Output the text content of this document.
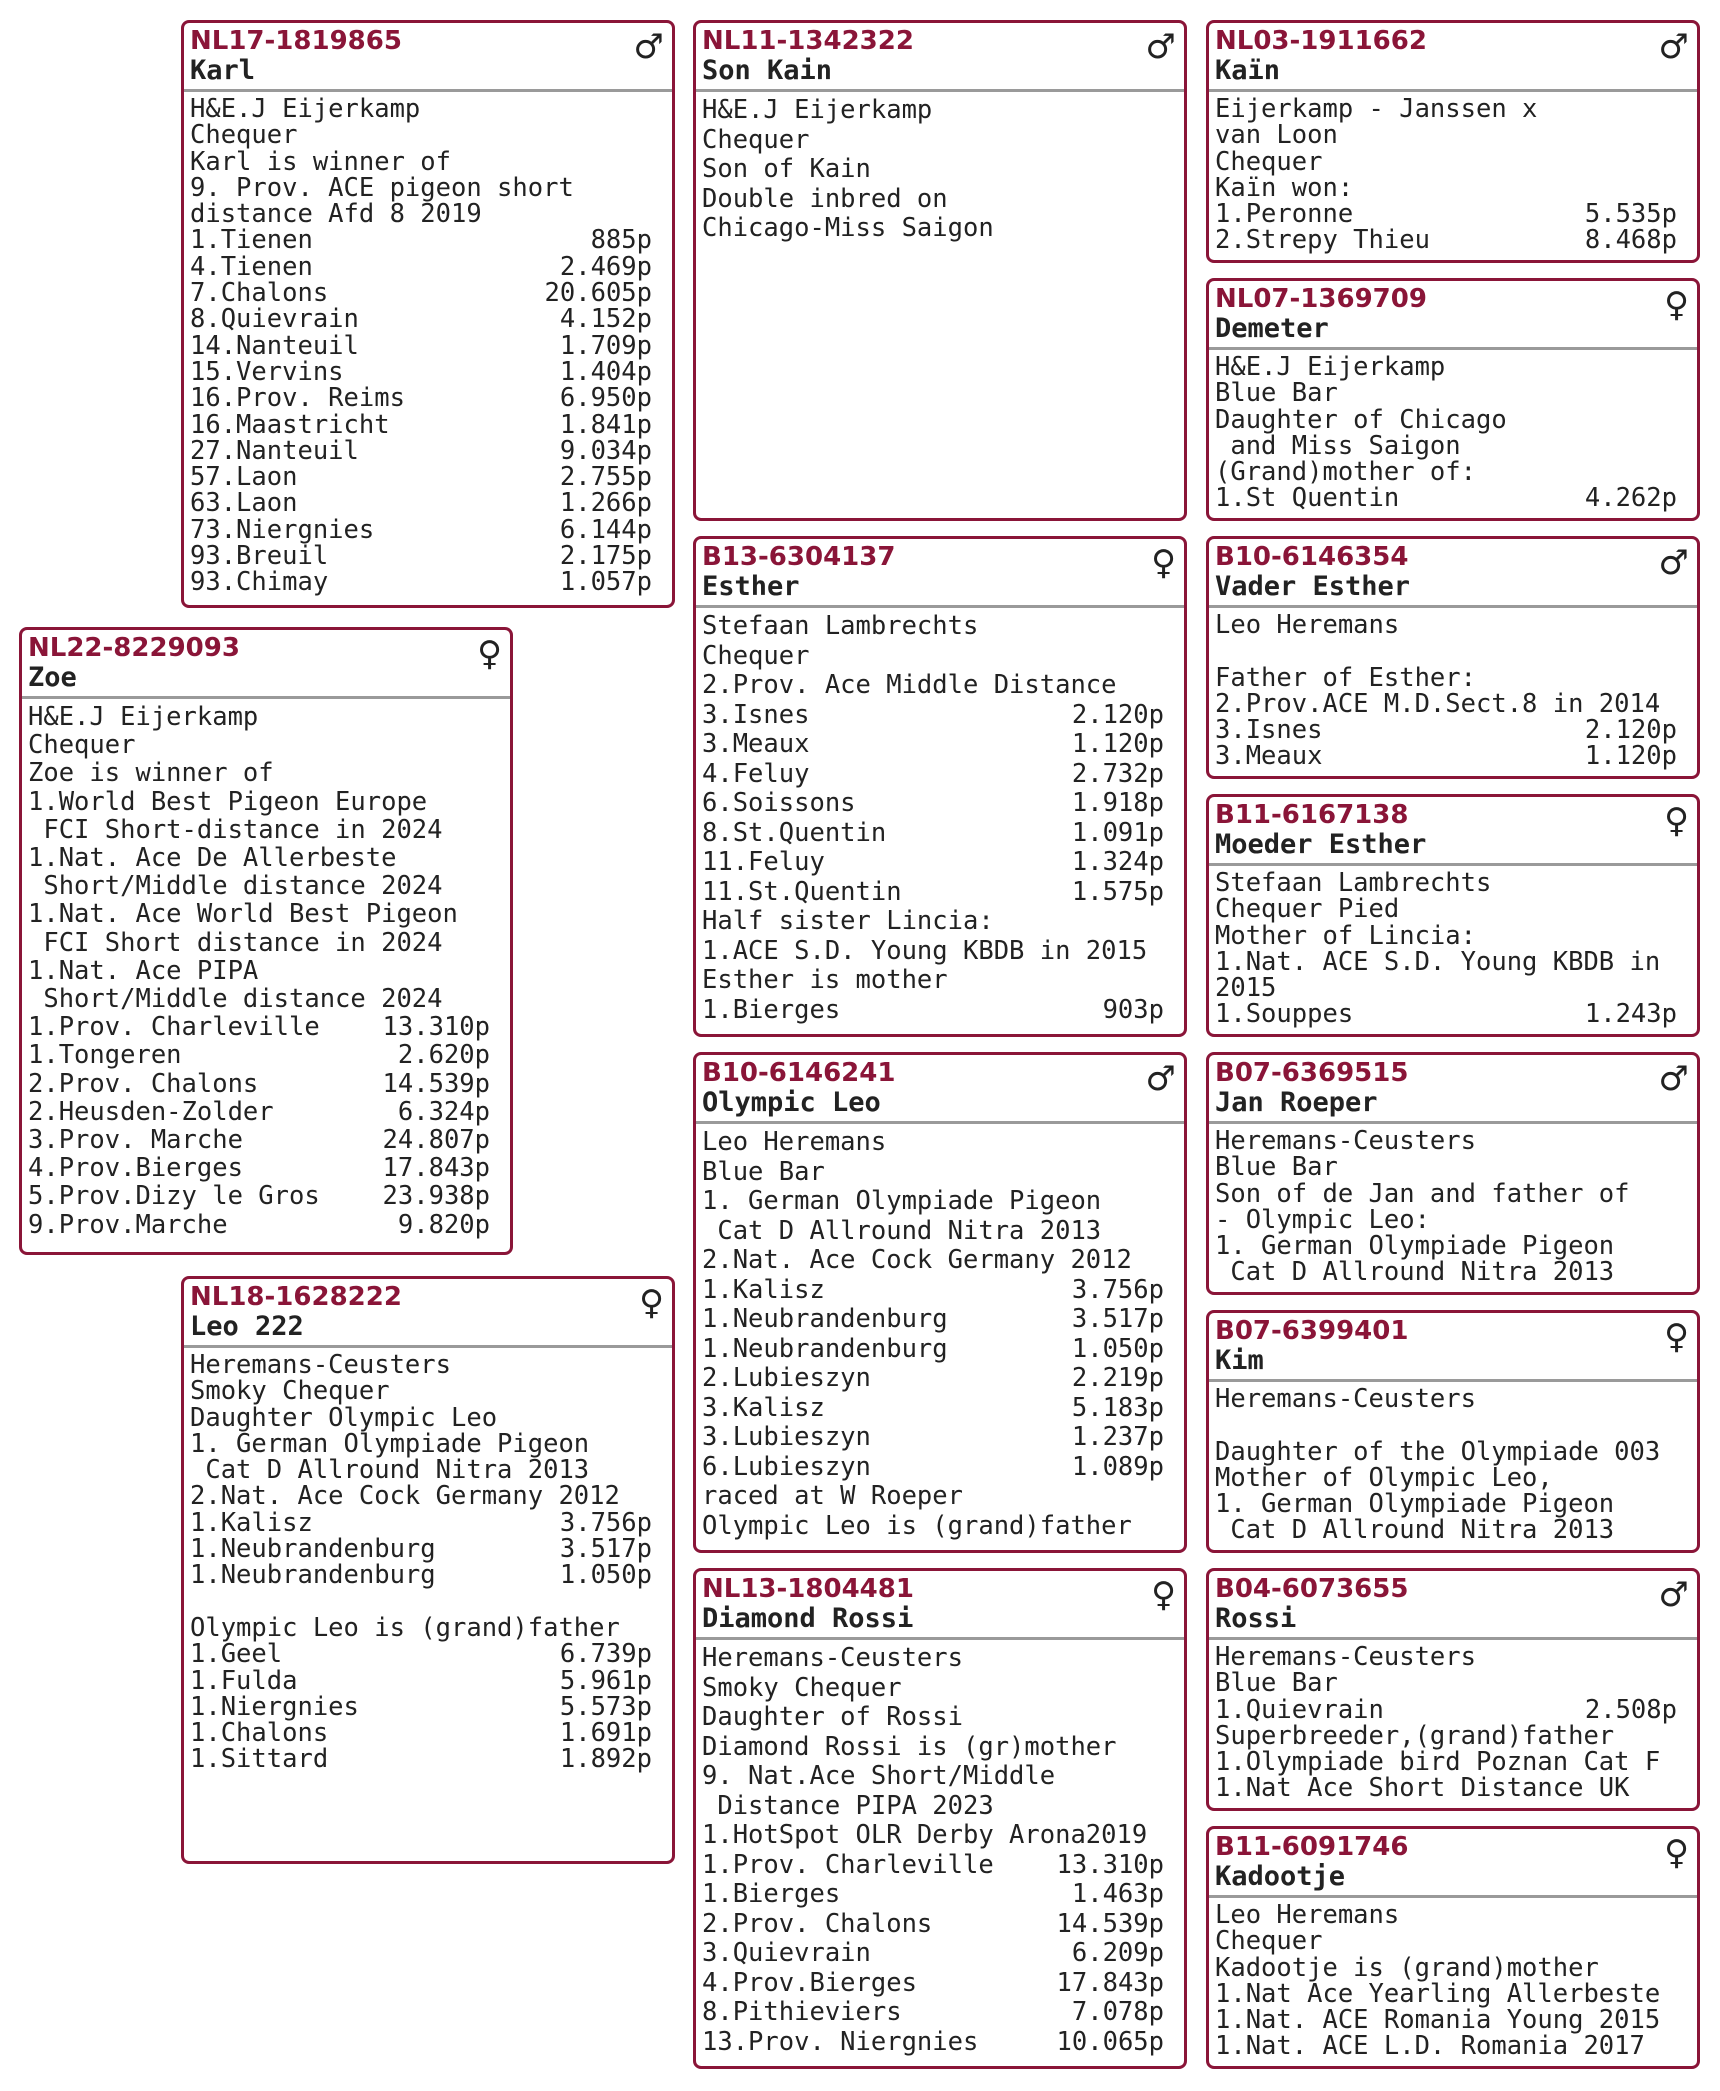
NL17-1819865
Karl
♂
H&E.J Eijerkamp
Chequer
Karl is winner of
9. Prov. ACE pigeon short
distance Afd 8 2019
1.Tienen	885p
4.Tienen	2.469p
7.Chalons	20.605p
8.Quievrain	4.152p
14.Nanteuil	1.709p
15.Vervins	1.404p
16.Prov. Reims	6.950p
16.Maastricht	1.841p
27.Nanteuil	9.034p
57.Laon	2.755p
63.Laon	1.266p
73.Niergnies	6.144p
93.Breuil	2.175p
93.Chimay	1.057p
NL22-8229093
Zoe
♀
H&E.J Eijerkamp
Chequer
Zoe is winner of
1.World Best Pigeon Europe
FCI Short-distance in 2024
1.Nat. Ace De Allerbeste
Short/Middle distance 2024
1.Nat. Ace World Best Pigeon
FCI Short distance in 2024
1.Nat. Ace PIPA
Short/Middle distance 2024
1.Prov. Charleville 13.310p
1.Tongeren	2.620p
2.Prov. Chalons	14.539p
2.Heusden-Zolder	6.324p
3.Prov. Marche	24.807p
4.Prov.Bierges	17.843p
5.Prov.Dizy le Gros 23.938p
9.Prov.Marche	9.820p
NL18-1628222
Leo 222
♀
Heremans-Ceusters
Smoky Chequer
Daughter Olympic Leo
1. German Olympiade Pigeon
Cat D Allround Nitra 2013
2.Nat. Ace Cock Germany 2012
1.Kalisz	3.756p
1.Neubrandenburg	3.517p
1.Neubrandenburg	1.050p

Olympic Leo is (grand)father
1.Geel	6.739p
1.Fulda	5.961p
1.Niergnies	5.573p
1.Chalons	1.691p
1.Sittard	1.892p
NL11-1342322
Son Kain
♂
H&E.J Eijerkamp
Chequer
Son of Kain
Double inbred on
Chicago-Miss Saigon
B13-6304137
Esther
♀
Stefaan Lambrechts
Chequer
2.Prov. Ace Middle Distance
3.Isnes	2.120p
3.Meaux	1.120p
4.Feluy	2.732p
6.Soissons	1.918p
8.St.Quentin	1.091p
11.Feluy	1.324p
11.St.Quentin	1.575p
Half sister Lincia:
1.ACE S.D. Young KBDB in 2015
Esther is mother
1.Bierges	903p
B10-6146241
Olympic Leo
♂
Leo Heremans
Blue Bar
1. German Olympiade Pigeon
Cat D Allround Nitra 2013
2.Nat. Ace Cock Germany 2012
1.Kalisz	3.756p
1.Neubrandenburg	3.517p
1.Neubrandenburg	1.050p
2.Lubieszyn	2.219p
3.Kalisz	5.183p
3.Lubieszyn	1.237p
6.Lubieszyn	1.089p
raced at W Roeper
Olympic Leo is (grand)father
NL13-1804481
Diamond Rossi
♀
Heremans-Ceusters
Smoky Chequer
Daughter of Rossi
Diamond Rossi is (gr)mother
9. Nat.Ace Short/Middle
Distance PIPA 2023
1.HotSpot OLR Derby Arona2019
1.Prov. Charleville 13.310p
1.Bierges	1.463p
2.Prov. Chalons	14.539p
3.Quievrain	6.209p
4.Prov.Bierges	17.843p
8.Pithieviers	7.078p
13.Prov. Niergnies	10.065p
NL03-1911662
Kaïn
♂
Eijerkamp - Janssen x
van Loon
Chequer
Kaïn won:
1.Peronne	5.535p
2.Strepy Thieu	8.468p
NL07-1369709
Demeter
♀
H&E.J Eijerkamp
Blue Bar
Daughter of Chicago
and Miss Saigon
(Grand)mother of:
1.St Quentin	4.262p
B10-6146354
Vader Esther
♂
Leo Heremans

Father of Esther:
2.Prov.ACE M.D.Sect.8 in 2014
3.Isnes	2.120p
3.Meaux	1.120p
B11-6167138
Moeder Esther
♀
Stefaan Lambrechts
Chequer Pied
Mother of Lincia:
1.Nat. ACE S.D. Young KBDB in
2015
1.Souppes	1.243p
B07-6369515
Jan Roeper
♂
Heremans-Ceusters
Blue Bar
Son of de Jan and father of
- Olympic Leo:
1. German Olympiade Pigeon
Cat D Allround Nitra 2013
B07-6399401
Kim
♀
Heremans-Ceusters

Daughter of the Olympiade 003
Mother of Olympic Leo,
1. German Olympiade Pigeon
Cat D Allround Nitra 2013
B04-6073655
Rossi
♂
Heremans-Ceusters
Blue Bar
1.Quievrain	2.508p
Superbreeder,(grand)father
1.Olympiade bird Poznan Cat F
1.Nat Ace Short Distance UK
B11-6091746
Kadootje
♀
Leo Heremans
Chequer
Kadootje is (grand)mother
1.Nat Ace Yearling Allerbeste
1.Nat. ACE Romania Young 2015
1.Nat. ACE L.D. Romania 2017
